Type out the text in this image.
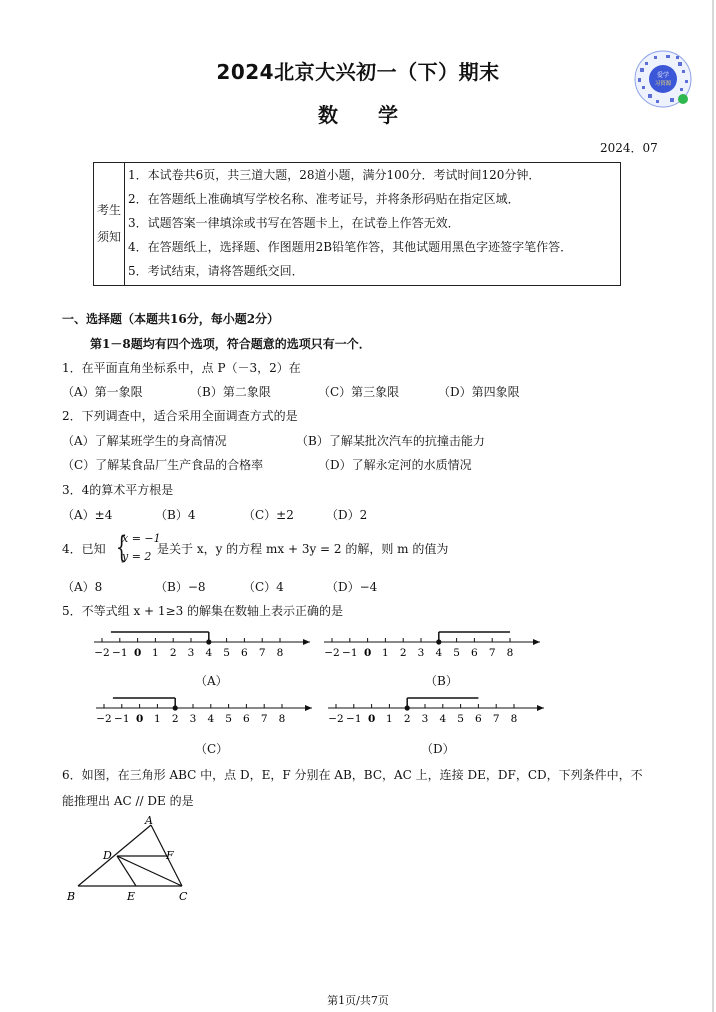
2024北京大兴初一（下）期末
数　　学
2024．07
爱学
习资源
考生
须知
1．本试卷共6页，共三道大题，28道小题，满分100分．考试时间120分钟．
2．在答题纸上准确填写学校名称、准考证号，并将条形码贴在指定区域．
3．试题答案一律填涂或书写在答题卡上，在试卷上作答无效．
4．在答题纸上，选择题、作图题用2B铅笔作答，其他试题用黑色字迹签字笔作答．
5．考试结束，请将答题纸交回．
一、选择题（本题共16分，每小题2分）
第1－8题均有四个选项，符合题意的选项只有一个．
1．在平面直角坐标系中，点 P（－3，2）在
（A）第一象限	（B）第二象限	（C）第三象限	（D）第四象限
2．下列调查中，适合采用全面调查方式的是
（A）了解某班学生的身高情况	（B）了解某批次汽车的抗撞击能力
（C）了解某食品厂生产食品的合格率	（D）了解永定河的水质情况
3．4的算术平方根是
（A）±4	（B）4	（C）±2	（D）2
4．已知 {
x = −1
y = 2
是关于 x，y 的方程 mx + 3y = 2 的解，则 m 的值为
（A）8	（B）−8	（C）4	（D）−4
5．不等式组 x + 1≥3 的解集在数轴上表示正确的是
−2 −1 0 1 2 3 4 5 6 7 8	−2 −1 0 1 2 3 4 5 6 7 8
−2 −1 0 1 2 3 4 5 6 7 8	−2 −1 0 1 2 3 4 5 6 7 8
（A）	（B）
（C）	（D）
6．如图，在三角形 ABC 中，点 D，E，F 分别在 AB，BC，AC 上，连接 DE，DF，CD，下列条件中，不
能推理出 AC // DE 的是
A
B	C
D
E
F
第1页/共7页
